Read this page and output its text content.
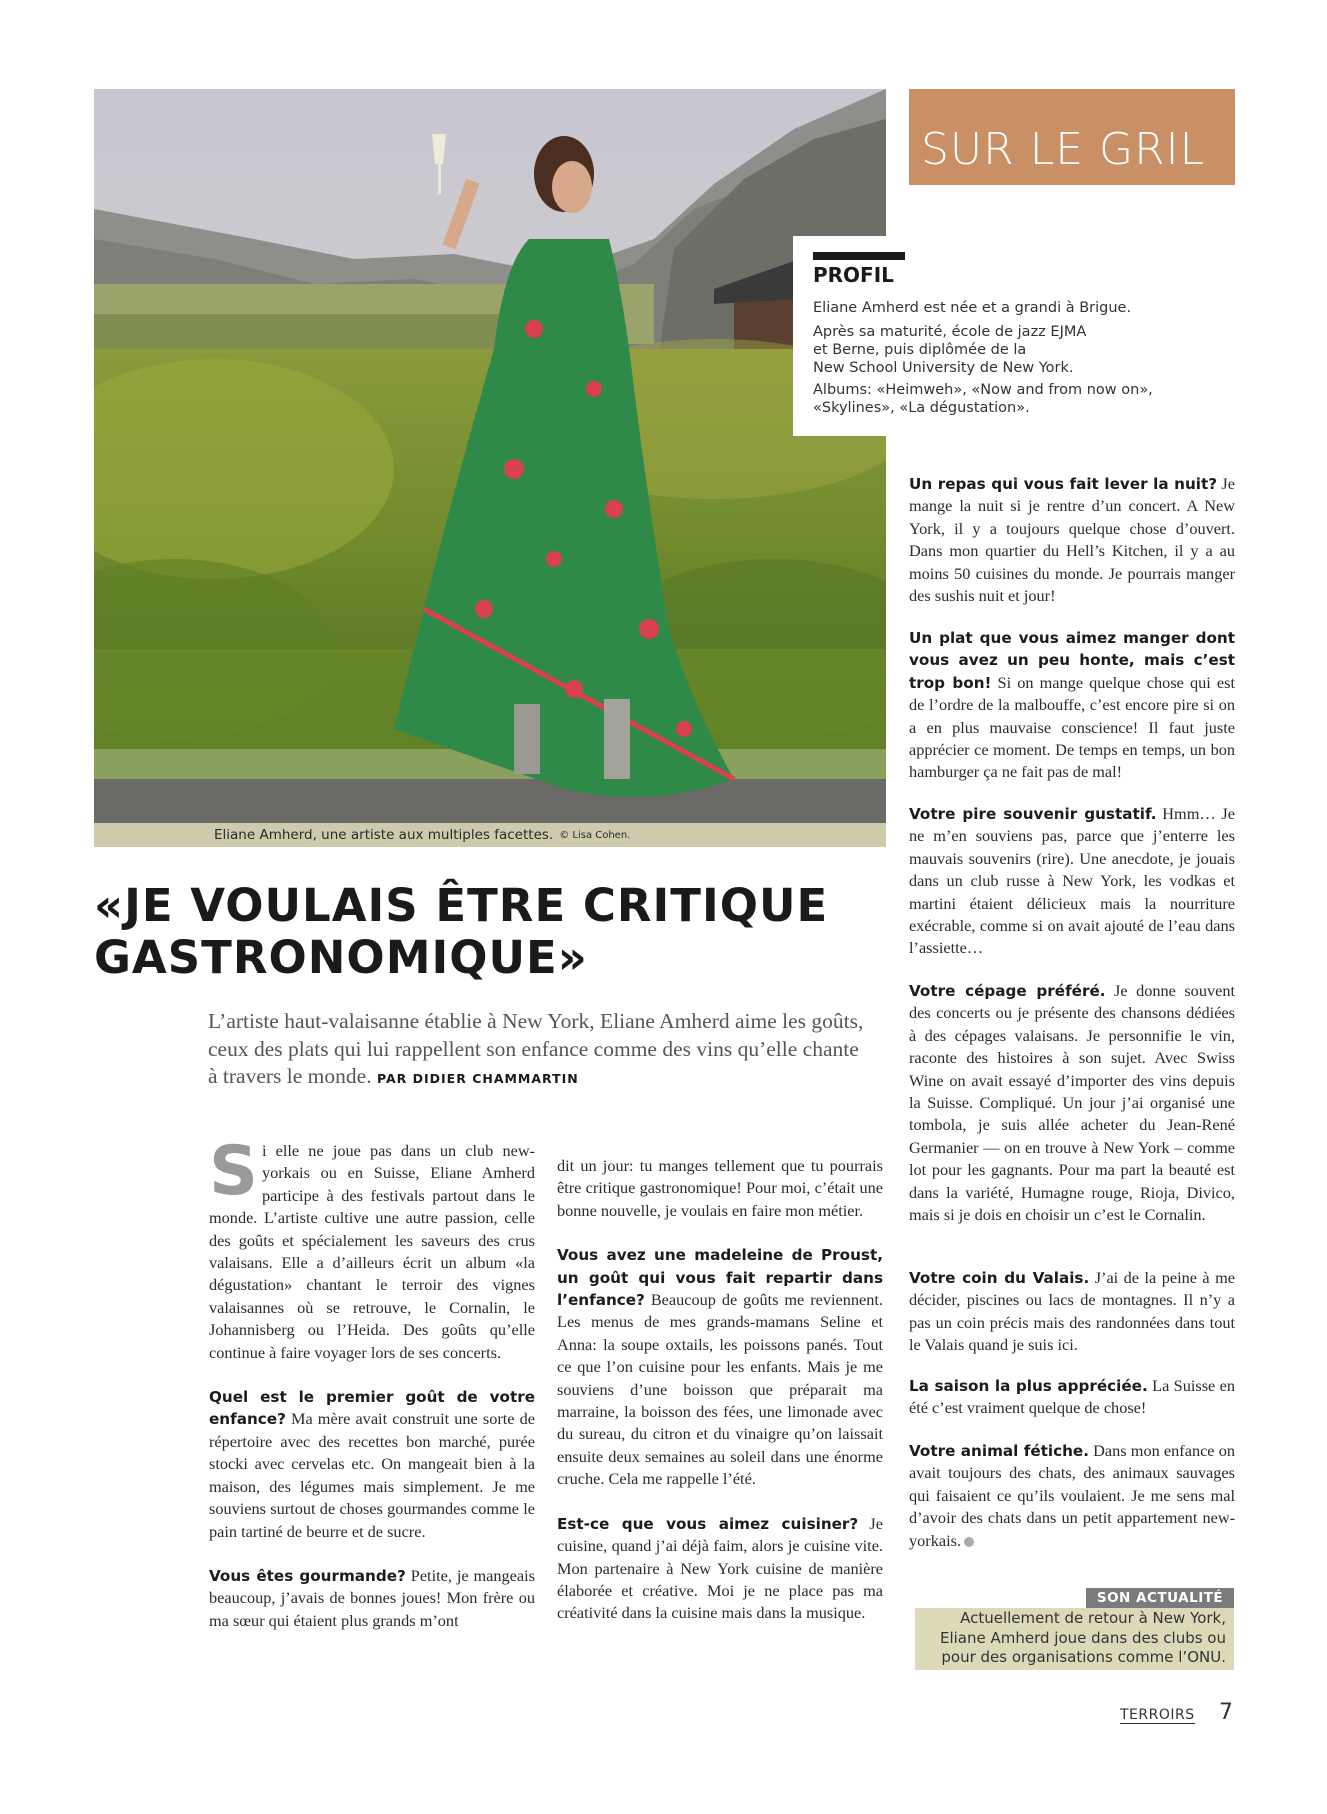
Eliane Amherd, une artiste aux multiples facettes. © Lisa Cohen.
SUR LE GRIL
PROFIL
Eliane Amherd est née et a grandi à Brigue.
Après sa maturité, école de jazz EJMA
et Berne, puis diplômée de la
New School University de New York.
Albums: «Heimweh», «Now and from now on»,
«Skylines», «La dégustation».
Un repas qui vous fait lever la nuit? Je mange la nuit si je rentre d’un concert. A New York, il y a toujours quelque chose d’ouvert. Dans mon quartier du Hell’s Kitchen, il y a au moins 50 cuisines du monde. Je pourrais manger des sushis nuit et jour!
Un plat que vous aimez manger dont vous avez un peu honte, mais c’est trop bon! Si on mange quelque chose qui est de l’ordre de la malbouffe, c’est encore pire si on a en plus mauvaise conscience! Il faut juste apprécier ce moment. De temps en temps, un bon hamburger ça ne fait pas de mal!
Votre pire souvenir gustatif. Hmm… Je ne m’en souviens pas, parce que j’enterre les mauvais souvenirs (rire). Une anecdote, je jouais dans un club russe à New York, les vodkas et martini étaient délicieux mais la nourriture exécrable, comme si on avait ajouté de l’eau dans l’assiette…
Votre cépage préféré. Je donne souvent des concerts ou je présente des chansons dédiées à des cépages valaisans. Je personnifie le vin, raconte des histoires à son sujet. Avec Swiss Wine on avait essayé d’importer des vins depuis la Suisse. Compliqué. Un jour j’ai organisé une tombola, je suis allée acheter du Jean-René Germanier — on en trouve à New York – comme lot pour les gagnants. Pour ma part la beauté est dans la variété, Humagne rouge, Rioja, Divico, mais si je dois en choisir un c’est le Cornalin.
Votre coin du Valais. J’ai de la peine à me décider, piscines ou lacs de montagnes. Il n’y a pas un coin précis mais des randonnées dans tout le Valais quand je suis ici.
La saison la plus appréciée. La Suisse en été c’est vraiment quelque de chose!
Votre animal fétiche. Dans mon enfance on avait toujours des chats, des animaux sauvages qui faisaient ce qu’ils voulaient. Je me sens mal d’avoir des chats dans un petit appartement new-yorkais.
«JE VOULAIS ÊTRE CRITIQUE
GASTRONOMIQUE»
L’artiste haut-valaisanne établie à New York, Eliane Amherd aime les goûts, ceux des plats qui lui rappellent son enfance comme des vins qu’elle chante à travers le monde. PAR DIDIER CHAMMARTIN
Si elle ne joue pas dans un club new-yorkais ou en Suisse, Eliane Amherd participe à des festivals partout dans le monde. L’artiste cultive une autre passion, celle des goûts et spécialement les saveurs des crus valaisans. Elle a d’ailleurs écrit un album «la dégustation» chantant le terroir des vignes valaisannes où se retrouve, le Cornalin, le Johannisberg ou l’Heida. Des goûts qu’elle continue à faire voyager lors de ses concerts.
Quel est le premier goût de votre enfance? Ma mère avait construit une sorte de répertoire avec des recettes bon marché, purée stocki avec cervelas etc. On mangeait bien à la maison, des légumes mais simplement. Je me souviens surtout de choses gourmandes comme le pain tartiné de beurre et de sucre.
Vous êtes gourmande? Petite, je mangeais beaucoup, j’avais de bonnes joues! Mon frère ou ma sœur qui étaient plus grands m’ont
dit un jour: tu manges tellement que tu pourrais être critique gastronomique! Pour moi, c’était une bonne nouvelle, je voulais en faire mon métier.
Vous avez une madeleine de Proust, un goût qui vous fait repartir dans l’enfance? Beaucoup de goûts me reviennent. Les menus de mes grands-mamans Seline et Anna: la soupe oxtails, les poissons panés. Tout ce que l’on cuisine pour les enfants. Mais je me souviens d’une boisson que préparait ma marraine, la boisson des fées, une limonade avec du sureau, du citron et du vinaigre qu’on laissait ensuite deux semaines au soleil dans une énorme cruche. Cela me rappelle l’été.
Est-ce que vous aimez cuisiner? Je cuisine, quand j’ai déjà faim, alors je cuisine vite. Mon partenaire à New York cuisine de manière élaborée et créative. Moi je ne place pas ma créativité dans la cuisine mais dans la musique.
SON ACTUALITÉ
Actuellement de retour à New York,
Eliane Amherd joue dans des clubs ou
pour des organisations comme l’ONU.
TERROIRS 7
